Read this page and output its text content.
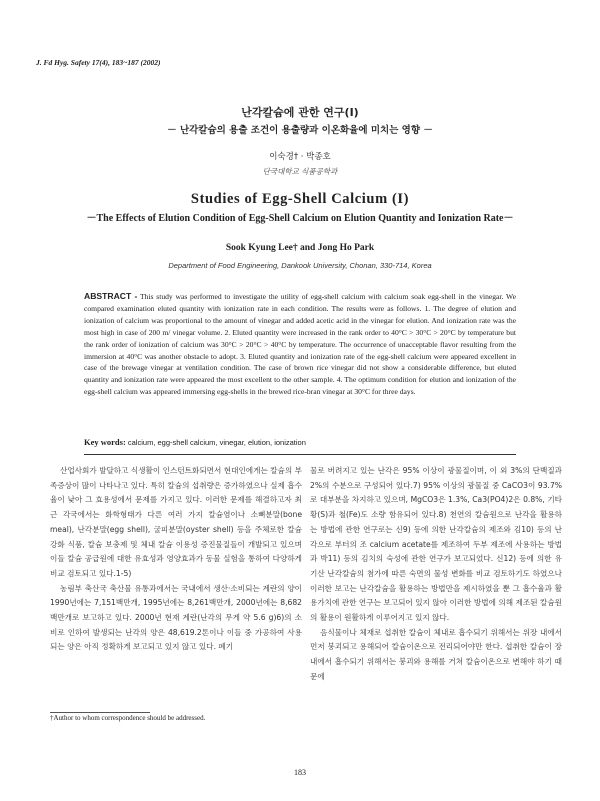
J. Fd Hyg. Safety 17(4), 183~187 (2002)
난각칼슘에 관한 연구(I)
－ 난각칼슘의 용출 조건이 용출량과 이온화율에 미치는 영향 －
이숙경† · 박종호
단국대학교 식품공학과
Studies of Egg-Shell Calcium (I)
－The Effects of Elution Condition of Egg-Shell Calcium on Elution Quantity and Ionization Rate－
Sook Kyung Lee† and Jong Ho Park
Department of Food Engineering, Dankook University, Chonan, 330-714, Korea
ABSTRACT - This study was performed to investigate the utility of egg-shell calcium with calcium soak egg-shell in the vinegar. We compared examination eluted quantity with ionization rate in each condition. The results were as follows. 1. The degree of elution and ionization of calcium was proportional to the amount of vinegar and added acetic acid in the vinegar for elution. And ionization rate was the most high in case of 200 m/ vinegar volume. 2. Eluted quantity were increased in the rank order to 40°C > 30°C > 20°C by temperature but the rank order of ionization of calcium was 30°C > 20°C > 40°C by temperature. The occurrence of unacceptable flavor resulting from the immersion at 40°C was another obstacle to adopt. 3. Eluted quantity and ionization rate of the egg-shell calcium were appeared excellent in case of the brewage vinegar at ventilation condition. The case of brown rice vinegar did not show a considerable difference, but eluted quantity and ionization rate were appeared the most excellent to the other sample. 4. The optimum condition for elution and ionization of the egg-shell calcium was appeared immersing egg-shells in the brewed rice-bran vinegar at 30°C for three days.
Key words: calcium, egg-shell calcium, vinegar, elution, ionization

산업사회가 발달하고 식생활이 인스턴트화되면서 현대인에게는 칼슘의 부족증상이 많이 나타나고 있다. 특히 칼슘의 섭취량은 증가하였으나 실제 흡수율이 낮아 그 효용성에서 문제를 가지고 있다. 이러한 문제를 해결하고자 최근 각국에서는 화학형태가 다른 여러 가지 칼슘염이나 소뼈분말(bone meal), 난각분말(egg shell), 굴피분말(oyster shell) 등을 주체로한 칼슘 강화 식품, 칼슘 보충제 및 체내 칼슘 이용성 증진물질들이 개발되고 있으며 이들 칼슘 공급원에 대한 유효성과 영양효과가 동물 실험을 통하여 다양하게 비교 검토되고 있다.1-5)

농림부 축산국 축산물 유통과에서는 국내에서 생산·소비되는 계란의 양이 1990년에는 7,151백만개, 1995년에는 8,261백만개, 2000년에는 8,682백만개로 보고하고 있다. 2000년 현재 계란(난각의 무게 약 5.6 g)6)의 소비로 인하여 발생되는 난각의 양은 48,619.2톤이나 이들 중 가공하여 사용되는 양은 아직 정확하게 보고되고 있지 않고 있다. 폐기

물로 버려지고 있는 난각은 95% 이상이 광물질이며, 이 외 3%의 단백질과 2%의 수분으로 구성되어 있다.7) 95% 이상의 광물질 중 CaCO3이 93.7%로 대부분을 차지하고 있으며, MgCO3은 1.3%, Ca3(PO4)2은 0.8%, 기타 황(S)과 철(Fe)도 소량 함유되어 있다.8) 천연의 칼슘원으로 난각을 활용하는 방법에 관한 연구로는 신9) 등에 의한 난각칼슘의 제조와 김10) 등의 난각으로 부터의 조 calcium acetate를 제조하여 두부 제조에 사용하는 방법과 박11) 등의 김치의 숙성에 관한 연구가 보고되었다. 신12) 등에 의한 유기산 난각칼슘의 첨가에 따른 숙면의 물성 변화를 비교 검토하기도 하였으나 이러한 보고는 난각칼슘을 활용하는 방법만을 제시하였을 뿐 그 흡수율과 활용가치에 관한 연구는 보고되어 있지 않아 이러한 방법에 의해 제조된 칼슘원의 활용이 원활하게 이루어지고 있지 않다.

음식물이나 체재로 섭취한 칼슘이 체내로 흡수되기 위해서는 위장 내에서 먼저 붕괴되고 용해되어 칼슘이온으로 전리되어야만 한다. 섭취한 칼슘이 장내에서 흡수되기 위해서는 붕괴와 용해를 거쳐 칼슘이온으로 변해야 하기 때문에

†Author to whom correspondence should be addressed.
183
